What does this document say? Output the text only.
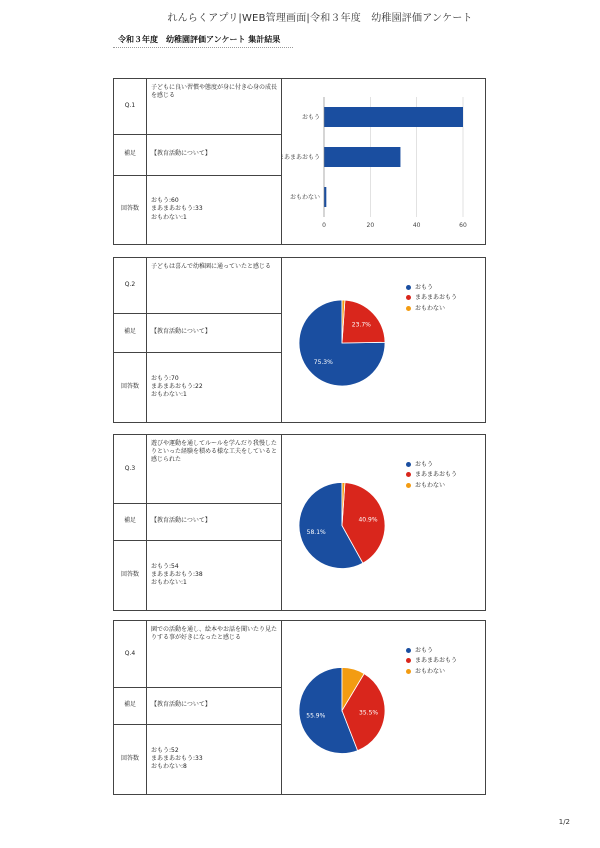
れんらくアプリ|WEB管理画面|令和３年度　幼稚園評価アンケート
令和３年度　幼稚園評価アンケート 集計結果
Q.1
子どもに良い習慣や態度が身に付き心身の成長を感じる
補足	【教育活動について】
回答数
おもう:60
まあまあおもう:33
おもわない:1
0	20	40	60
おもう
まあまあおもう
おもわない
Q.2
子どもは喜んで幼稚園に通っていたと感じる
補足	【教育活動について】
回答数
おもう:70
まあまあおもう:22
おもわない:1
75.3%
23.7%
おもう
まあまあおもう
おもわない
Q.3
遊びや運動を通してルールを学んだり我慢したりといった経験を積める様な工夫をしていると感じられた
補足	【教育活動について】
回答数
おもう:54
まあまあおもう:38
おもわない:1
58.1%
40.9%
おもう
まあまあおもう
おもわない
Q.4
園での活動を通し、絵本やお話を聞いたり見たりする事が好きになったと感じる
補足	【教育活動について】
回答数
おもう:52
まあまあおもう:33
おもわない:8
55.9%	35.5%
おもう
まあまあおもう
おもわない
1/2
